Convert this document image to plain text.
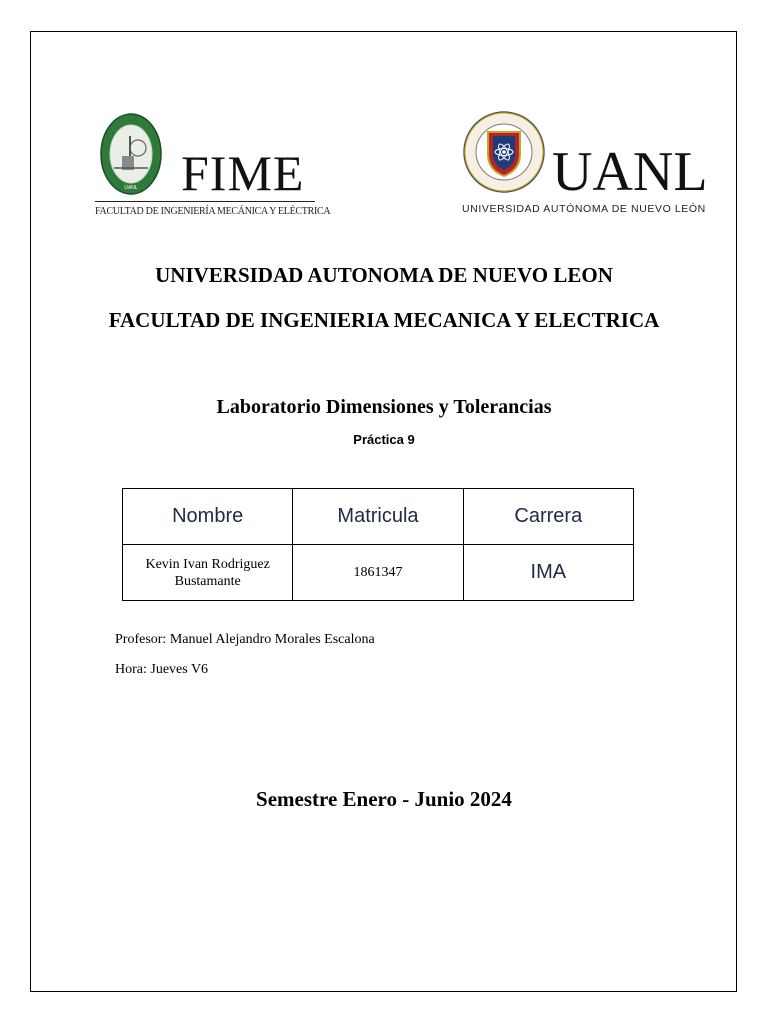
UANL FIME
FACULTAD DE INGENIERÍA MECÁNICA Y ELÉCTRICA
UANL
UNIVERSIDAD AUTÓNOMA DE NUEVO LEÓN
UNIVERSIDAD AUTONOMA DE NUEVO LEON
FACULTAD DE INGENIERIA MECANICA Y ELECTRICA
Laboratorio Dimensiones y Tolerancias
Práctica 9
Nombre	Matricula	Carrera
Kevin Ivan Rodriguez Bustamante	1861347	IMA
Profesor: Manuel Alejandro Morales Escalona
Hora: Jueves V6
Semestre Enero - Junio 2024
